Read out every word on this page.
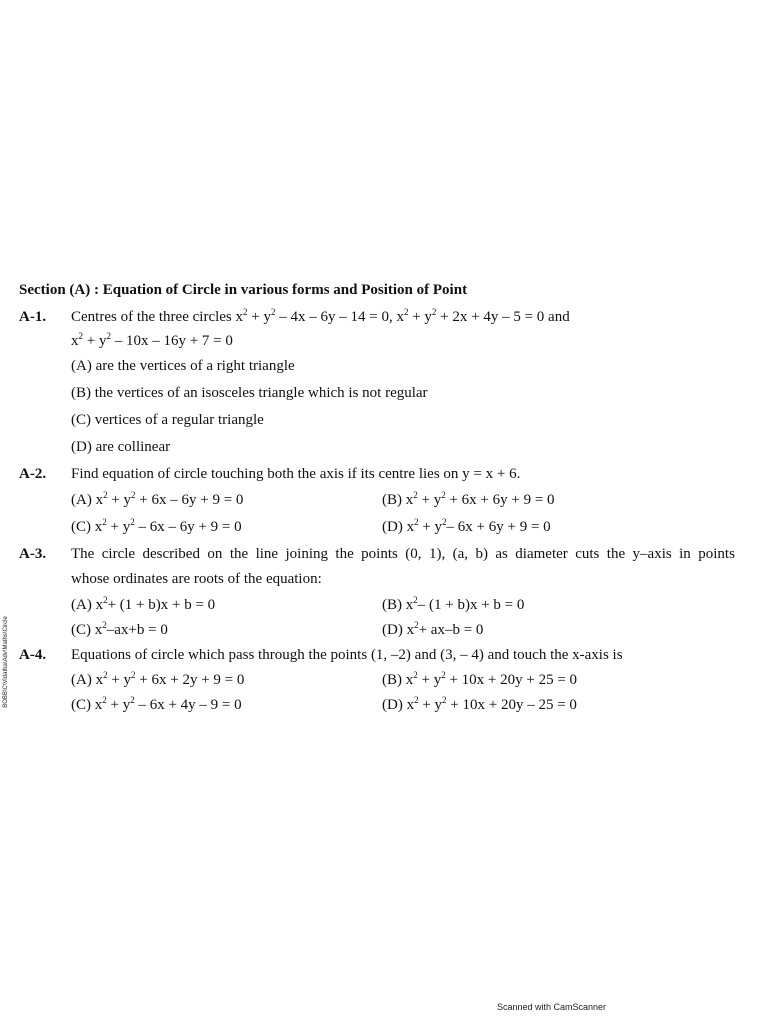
Section (A) : Equation of Circle in various forms and Position of Point
A-1. Centres of the three circles $x^2 + y^2 - 4x - 6y - 14 = 0$, $x^2 + y^2 + 2x + 4y - 5 = 0$ and
$x^2 + y^2 - 10x - 16y + 7 = 0$
(A) are the vertices of a right triangle
(B) the vertices of an isosceles triangle which is not regular
(C) vertices of a regular triangle
(D) are collinear
A-2. Find equation of circle touching both the axis if its centre lies on y = x + 6.
(A) $x^2 + y^2 + 6x - 6y + 9 = 0$	(B) $x^2 + y^2 + 6x + 6y + 9 = 0$
(C) $x^2 + y^2 - 6x - 6y + 9 = 0$	(D) $x^2 + y^2-$ 6x + 6y + 9 = 0
A-3. The circle described on the line joining the points (0, 1), (a, b) as diameter cuts the y–axis in points
whose ordinates are roots of the equation:
(A) $x^2+ (1 + b)x + b = 0$	(B) $x^2-$ (1 + b)x + b = 0
(C) $x^2-ax+b = 0$	(D) $x^2+ ax-b = 0$
A-4. Equations of circle which pass through the points (1, –2) and (3, – 4) and touch the x-axis is
(A) $x^2 + y^2 + 6x + 2y + 9 = 0$	(B) $x^2 + y^2 + 10x + 20y + 25 = 0$
(C) $x^2 + y^2 - 6x + 4y - 9 = 0$	(D) $x^2 + y^2 + 10x + 20y - 25 = 0$
BOBB\C\Vidatha\Adv\Maths\Circle
Scanned with CamScanner
